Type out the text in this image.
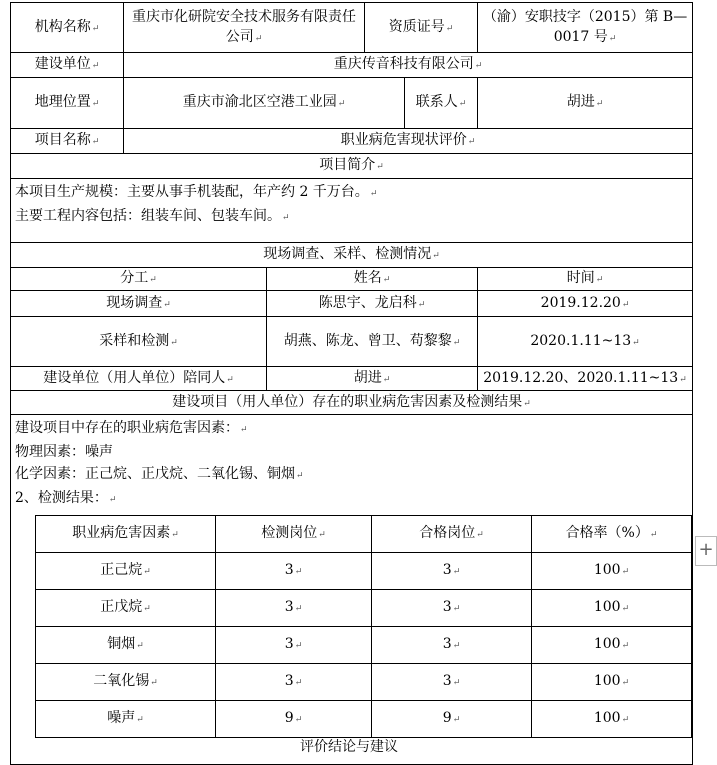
机构名称 ↵	重庆市化研院安全技术服务有限责任公司 ↵	资质证号 ↵	（渝）安职技字（2015）第 B—0017 号 ↵
建设单位 ↵	重庆传音科技有限公司 ↵
地理位置 ↵	重庆市渝北区空港工业园 ↵	联系人 ↵	胡进 ↵
项目名称 ↵	职业病危害现状评价 ↵
项目简介 ↵

本项目生产规模：主要从事手机装配，年产约 2 千万台。 ↵

主要工程内容包括：组装车间、包装车间。 ↵

现场调查、采样、检测情况 ↵
分工 ↵	姓名 ↵	时间 ↵
现场调查 ↵	陈思宇、龙启科 ↵	2019.12.20 ↵
采样和检测 ↵	胡燕、陈龙、曾卫、苟黎黎 ↵	2020.1.11~13 ↵
建设单位（用人单位）陪同人 ↵	胡进 ↵	2019.12.20、2020.1.11~13 ↵
建设项目（用人单位）存在的职业病危害因素及检测结果 ↵

建设项目中存在的职业病危害因素： ↵

物理因素：噪声

化学因素：正己烷、正戊烷、二氧化锡、铜烟 ↵

2、检测结果： ↵

职业病危害因素 ↵	检测岗位 ↵	合格岗位 ↵	合格率（%） ↵
正己烷 ↵	3 ↵	3 ↵	100 ↵
正戊烷 ↵	3 ↵	3 ↵	100 ↵
铜烟 ↵	3 ↵	3 ↵	100 ↵
二氧化锡 ↵	3 ↵	3 ↵	100 ↵
噪声 ↵	9 ↵	9 ↵	100 ↵
评价结论与建议
+
